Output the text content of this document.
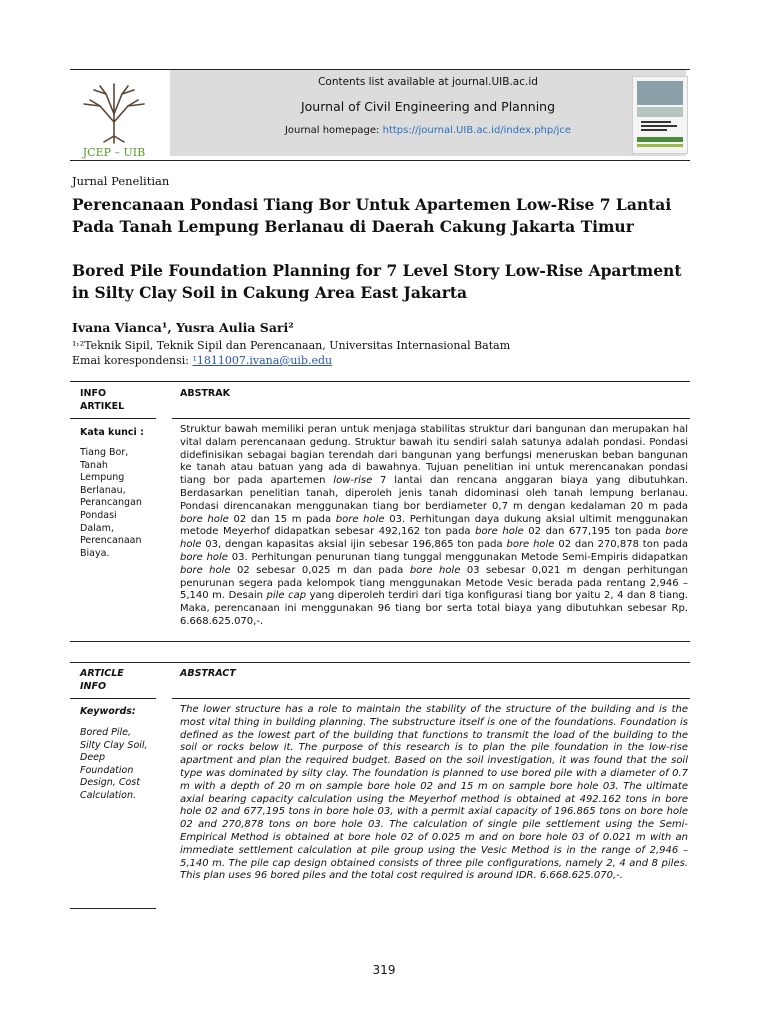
JCEP – UIB
Contents list available at journal.UIB.ac.id
Journal of Civil Engineering and Planning
Journal homepage: https://journal.UIB.ac.id/index.php/jce
Jurnal Penelitian
Perencanaan Pondasi Tiang Bor Untuk Apartemen Low-Rise 7 Lantai Pada Tanah Lempung Berlanau di Daerah Cakung Jakarta Timur
Bored Pile Foundation Planning for 7 Level Story Low-Rise Apartment in Silty Clay Soil in Cakung Area East Jakarta
Ivana Vianca¹, Yusra Aulia Sari²
¹˒²Teknik Sipil, Teknik Sipil dan Perencanaan, Universitas Internasional Batam
Emai korespondensi: ¹1811007.ivana@uib.edu
INFO ARTIKEL
ABSTRAK
Kata kunci :
Tiang Bor, Tanah Lempung Berlanau, Perancangan Pondasi Dalam, Perencanaan Biaya.
Struktur bawah memiliki peran untuk menjaga stabilitas struktur dari bangunan dan merupakan hal vital dalam perencanaan gedung. Struktur bawah itu sendiri salah satunya adalah pondasi. Pondasi didefinisikan sebagai bagian terendah dari bangunan yang berfungsi meneruskan beban bangunan ke tanah atau batuan yang ada di bawahnya. Tujuan penelitian ini untuk merencanakan pondasi tiang bor pada apartemen low-rise 7 lantai dan rencana anggaran biaya yang dibutuhkan. Berdasarkan penelitian tanah, diperoleh jenis tanah didominasi oleh tanah lempung berlanau. Pondasi direncanakan menggunakan tiang bor berdiameter 0,7 m dengan kedalaman 20 m pada bore hole 02 dan 15 m pada bore hole 03. Perhitungan daya dukung aksial ultimit menggunakan metode Meyerhof didapatkan sebesar 492,162 ton pada bore hole 02 dan 677,195 ton pada bore hole 03, dengan kapasitas aksial ijin sebesar 196,865 ton pada bore hole 02 dan 270,878 ton pada bore hole 03. Perhitungan penurunan tiang tunggal menggunakan Metode Semi-Empiris didapatkan bore hole 02 sebesar 0,025 m dan pada bore hole 03 sebesar 0,021 m dengan perhitungan penurunan segera pada kelompok tiang menggunakan Metode Vesic berada pada rentang 2,946 – 5,140 m. Desain pile cap yang diperoleh terdiri dari tiga konfigurasi tiang bor yaitu 2, 4 dan 8 tiang. Maka, perencanaan ini menggunakan 96 tiang bor serta total biaya yang dibutuhkan sebesar Rp. 6.668.625.070,-.
ARTICLE INFO
ABSTRACT
Keywords:
Bored Pile, Silty Clay Soil, Deep Foundation Design, Cost Calculation.
The lower structure has a role to maintain the stability of the structure of the building and is the most vital thing in building planning. The substructure itself is one of the foundations. Foundation is defined as the lowest part of the building that functions to transmit the load of the building to the soil or rocks below it. The purpose of this research is to plan the pile foundation in the low-rise apartment and plan the required budget. Based on the soil investigation, it was found that the soil type was dominated by silty clay. The foundation is planned to use bored pile with a diameter of 0.7 m with a depth of 20 m on sample bore hole 02 and 15 m on sample bore hole 03. The ultimate axial bearing capacity calculation using the Meyerhof method is obtained at 492.162 tons in bore hole 02 and 677,195 tons in bore hole 03, with a permit axial capacity of 196.865 tons on bore hole 02 and 270,878 tons on bore hole 03. The calculation of single pile settlement using the Semi-Empirical Method is obtained at bore hole 02 of 0.025 m and on bore hole 03 of 0.021 m with an immediate settlement calculation at pile group using the Vesic Method is in the range of 2,946 – 5,140 m. The pile cap design obtained consists of three pile configurations, namely 2, 4 and 8 piles. This plan uses 96 bored piles and the total cost required is around IDR. 6.668.625.070,-.
319
